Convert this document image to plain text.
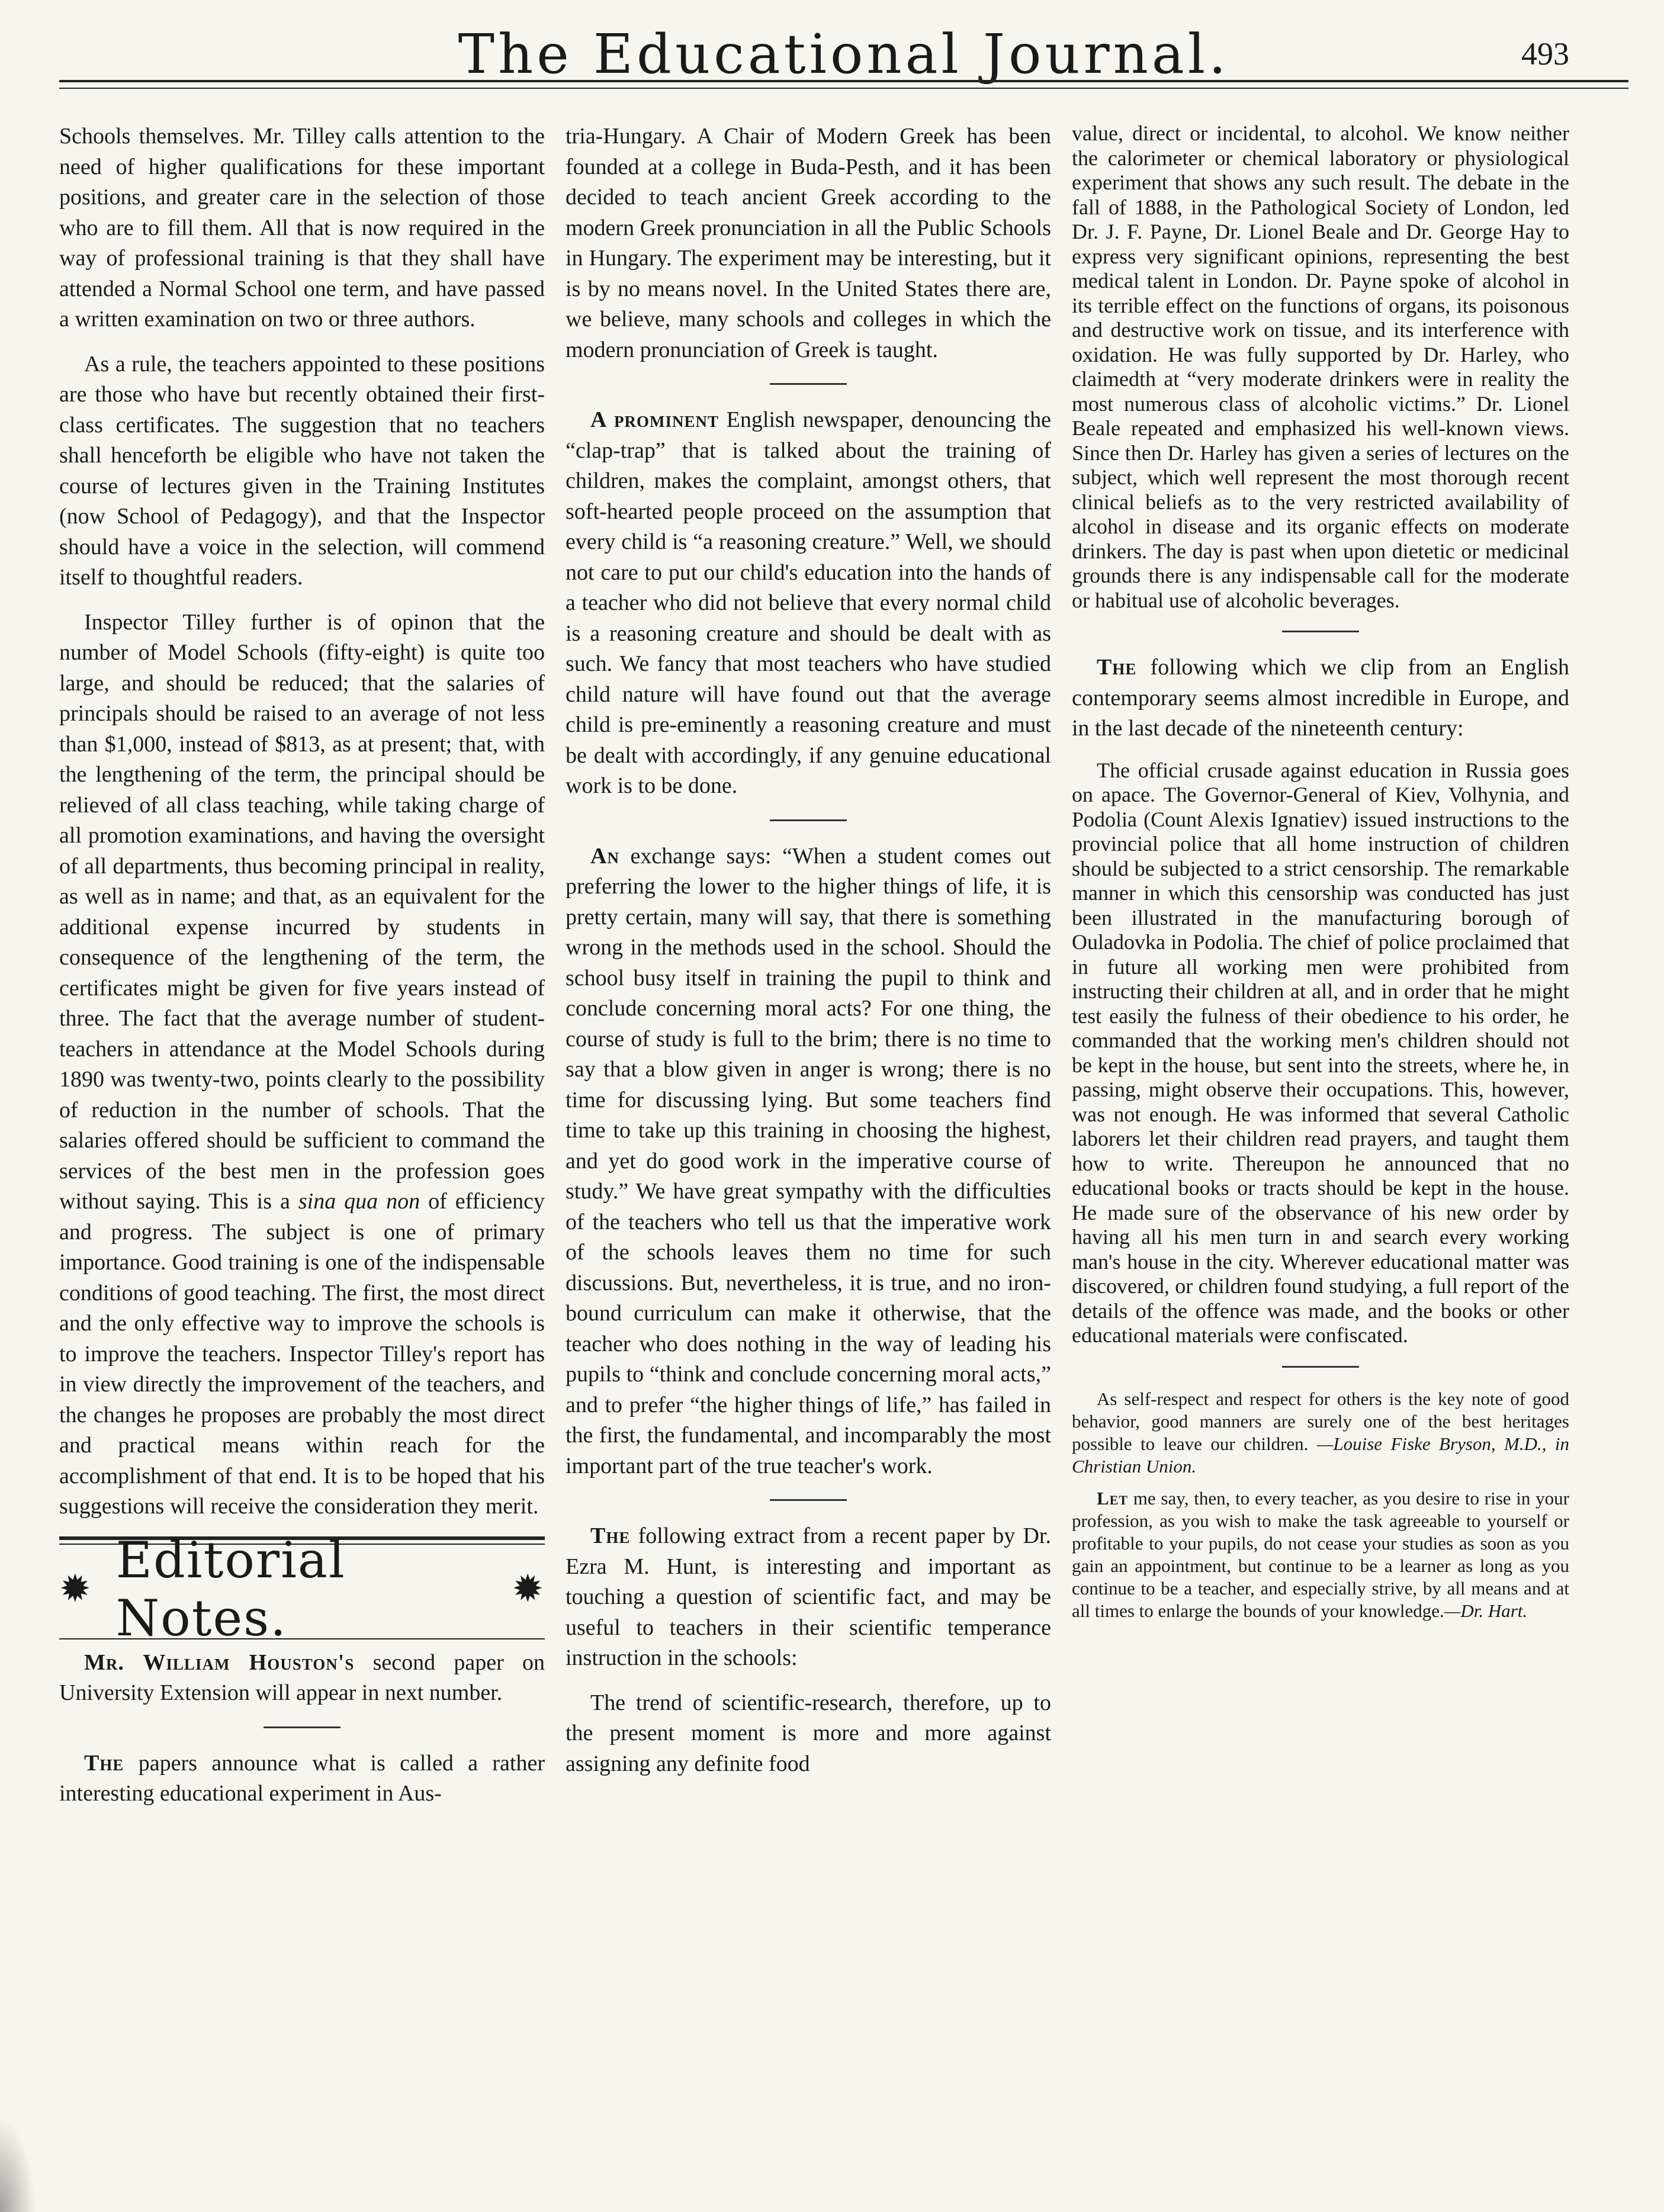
The Educational Journal.	493

Schools themselves. Mr. Tilley calls attention to the need of higher qualifications for these important positions, and greater care in the selection of those who are to fill them. All that is now required in the way of professional training is that they shall have attended a Normal School one term, and have passed a written examination on two or three authors.

As a rule, the teachers appointed to these positions are those who have but recently obtained their first-class certificates. The suggestion that no teachers shall henceforth be eligible who have not taken the course of lectures given in the Training Institutes (now School of Pedagogy), and that the Inspector should have a voice in the selection, will commend itself to thoughtful readers.

Inspector Tilley further is of opinon that the number of Model Schools (fifty-eight) is quite too large, and should be reduced; that the salaries of principals should be raised to an average of not less than $1,000, instead of $813, as at present; that, with the lengthening of the term, the principal should be relieved of all class teaching, while taking charge of all promotion examinations, and having the oversight of all departments, thus becoming principal in reality, as well as in name; and that, as an equivalent for the additional expense incurred by students in consequence of the lengthening of the term, the certificates might be given for five years instead of three. The fact that the average number of student-teachers in attendance at the Model Schools during 1890 was twenty-two, points clearly to the possibility of reduction in the number of schools. That the salaries offered should be sufficient to command the services of the best men in the profession goes without saying. This is a sina qua non of efficiency and progress. The subject is one of primary importance. Good training is one of the indispensable conditions of good teaching. The first, the most direct and the only effective way to improve the schools is to improve the teachers. Inspector Tilley's report has in view directly the improvement of the teachers, and the changes he proposes are probably the most direct and practical means within reach for the accomplishment of that end. It is to be hoped that his suggestions will receive the consideration they merit.

✹ Editorial Notes.	✹

Mr. William Houston's second paper on University Extension will appear in next number.

The papers announce what is called a rather interesting educational experiment in Aus-

tria-Hungary. A Chair of Modern Greek has been founded at a college in Buda-Pesth, and it has been decided to teach ancient Greek according to the modern Greek pronunciation in all the Public Schools in Hungary. The experiment may be interesting, but it is by no means novel. In the United States there are, we believe, many schools and colleges in which the modern pronunciation of Greek is taught.

A prominent English newspaper, denouncing the “clap-trap” that is talked about the training of children, makes the complaint, amongst others, that soft-hearted people proceed on the assumption that every child is “a reasoning creature.” Well, we should not care to put our child's education into the hands of a teacher who did not believe that every normal child is a reasoning creature and should be dealt with as such. We fancy that most teachers who have studied child nature will have found out that the average child is pre-eminently a reasoning creature and must be dealt with accordingly, if any genuine educational work is to be done.

An exchange says: “When a student comes out preferring the lower to the higher things of life, it is pretty certain, many will say, that there is something wrong in the methods used in the school. Should the school busy itself in training the pupil to think and conclude concerning moral acts? For one thing, the course of study is full to the brim; there is no time to say that a blow given in anger is wrong; there is no time for discussing lying. But some teachers find time to take up this training in choosing the highest, and yet do good work in the imperative course of study.” We have great sympathy with the difficulties of the teachers who tell us that the imperative work of the schools leaves them no time for such discussions. But, nevertheless, it is true, and no iron-bound curriculum can make it otherwise, that the teacher who does nothing in the way of leading his pupils to “think and conclude concerning moral acts,” and to prefer “the higher things of life,” has failed in the first, the fundamental, and incomparably the most important part of the true teacher's work.

The following extract from a recent paper by Dr. Ezra M. Hunt, is interesting and important as touching a question of scientific fact, and may be useful to teachers in their scientific temperance instruction in the schools:

The trend of scientific-research, therefore, up to the present moment is more and more against assigning any definite food

value, direct or incidental, to alcohol. We know neither the calorimeter or chemical laboratory or physiological experiment that shows any such result. The debate in the fall of 1888, in the Pathological Society of London, led Dr. J. F. Payne, Dr. Lionel Beale and Dr. George Hay to express very significant opinions, representing the best medical talent in London. Dr. Payne spoke of alcohol in its terrible effect on the functions of organs, its poisonous and destructive work on tissue, and its interference with oxidation. He was fully supported by Dr. Harley, who claimedth at “very moderate drinkers were in reality the most numerous class of alcoholic victims.” Dr. Lionel Beale repeated and emphasized his well-known views. Since then Dr. Harley has given a series of lectures on the subject, which well represent the most thorough recent clinical beliefs as to the very restricted availability of alcohol in disease and its organic effects on moderate drinkers. The day is past when upon dietetic or medicinal grounds there is any indispensable call for the moderate or habitual use of alcoholic beverages.

The following which we clip from an English contemporary seems almost incredible in Europe, and in the last decade of the nineteenth century:

The official crusade against education in Russia goes on apace. The Governor-General of Kiev, Volhynia, and Podolia (Count Alexis Ignatiev) issued instructions to the provincial police that all home instruction of children should be subjected to a strict censorship. The remarkable manner in which this censorship was conducted has just been illustrated in the manufacturing borough of Ouladovka in Podolia. The chief of police proclaimed that in future all working men were prohibited from instructing their children at all, and in order that he might test easily the fulness of their obedience to his order, he commanded that the working men's children should not be kept in the house, but sent into the streets, where he, in passing, might observe their occupations. This, however, was not enough. He was informed that several Catholic laborers let their children read prayers, and taught them how to write. Thereupon he announced that no educational books or tracts should be kept in the house. He made sure of the observance of his new order by having all his men turn in and search every working man's house in the city. Wherever educational matter was discovered, or children found studying, a full report of the details of the offence was made, and the books or other educational materials were confiscated.

As self-respect and respect for others is the key note of good behavior, good manners are surely one of the best heritages possible to leave our children. —Louise Fiske Bryson, M.D., in Christian Union.

Let me say, then, to every teacher, as you desire to rise in your profession, as you wish to make the task agreeable to yourself or profitable to your pupils, do not cease your studies as soon as you gain an appointment, but continue to be a learner as long as you continue to be a teacher, and especially strive, by all means and at all times to enlarge the bounds of your knowledge.—Dr. Hart.
